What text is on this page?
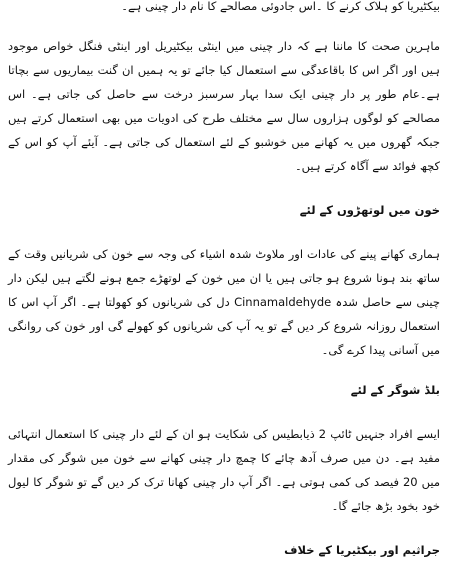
بیکٹیریا کو ہلاک کرنے کا ۔اس جادوئی مصالحے کا نام دار چینی ہے۔

ماہرین صحت کا ماننا ہے کہ دار چینی میں اینٹی بیکٹیریل اور اینٹی فنگل خواص موجود ہیں اور اگر اس کا باقاعدگی سے استعمال کیا جائے تو یہ ہمیں ان گنت بیماریوں سے بچاتا ہے۔عام طور پر دار چینی ایک سدا بہار سرسبز درخت سے حاصل کی جاتی ہے۔ اس مصالحے کو لوگوں ہزاروں سال سے مختلف طرح کی ادویات میں بھی استعمال کرتے ہیں جبکہ گھروں میں یہ کھانے میں خوشبو کے لئے استعمال کی جاتی ہے۔ آیئے آپ کو اس کے کچھ فوائد سے آگاہ کرتے ہیں۔

خون میں لوتھڑوں کے لئے

ہماری کھانے پینے کی عادات اور ملاوٹ شدہ اشیاء کی وجہ سے خون کی شریانیں وقت کے ساتھ بند ہونا شروع ہو جاتی ہیں یا ان میں خون کے لوتھڑے جمع ہونے لگتے ہیں لیکن دار چینی سے حاصل شدہ Cinnamaldehyde دل کی شریانوں کو کھولتا ہے۔ اگر آپ اس کا استعمال روزانہ شروع کر دیں گے تو یہ آپ کی شریانوں کو کھولے گی اور خون کی روانگی میں آسانی پیدا کرے گی۔

بلڈ شوگر کے لئے

ایسے افراد جنہیں ٹائپ 2 ذیابطیس کی شکایت ہو ان کے لئے دار چینی کا استعمال انتہائی مفید ہے۔ دن میں صرف آدھ چائے کا چمچ دار چینی کھانے سے خون میں شوگر کی مقدار میں 20 فیصد کی کمی ہوتی ہے۔ اگر آپ دار چینی کھانا ترک کر دیں گے تو شوگر کا لیول خود بخود بڑھ جائے گا۔

جراثیم اور بیکٹیریا کے خلاف
